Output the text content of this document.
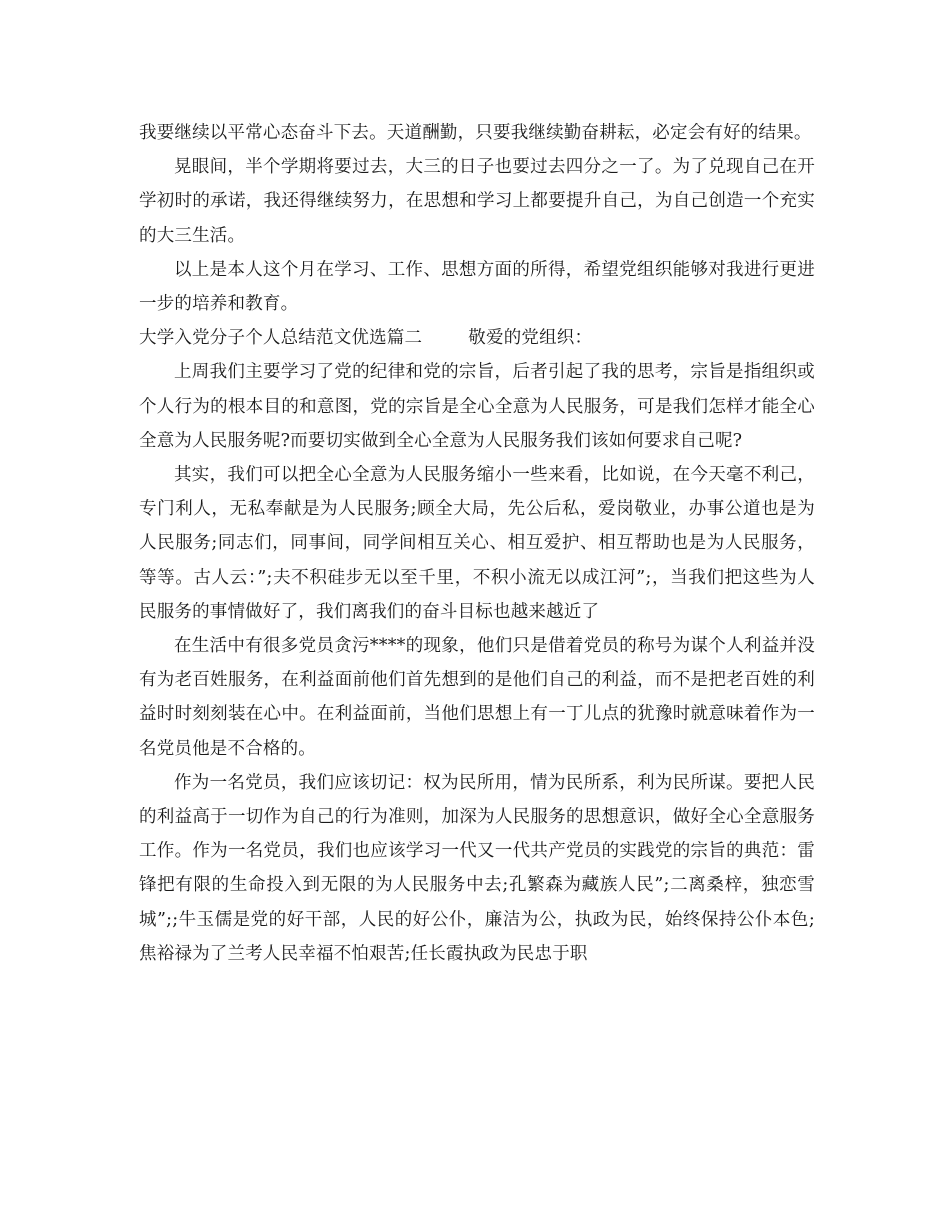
我要继续以平常心态奋斗下去。天道酬勤，只要我继续勤奋耕耘，必定会有好的结果。

晃眼间，半个学期将要过去，大三的日子也要过去四分之一了。为了兑现自己在开学初时的承诺，我还得继续努力，在思想和学习上都要提升自己，为自己创造一个充实的大三生活。

以上是本人这个月在学习、工作、思想方面的所得，希望党组织能够对我进行更进一步的培养和教育。

大学入党分子个人总结范文优选篇二        敬爱的党组织：

上周我们主要学习了党的纪律和党的宗旨，后者引起了我的思考，宗旨是指组织或个人行为的根本目的和意图，党的宗旨是全心全意为人民服务，可是我们怎样才能全心全意为人民服务呢?而要切实做到全心全意为人民服务我们该如何要求自己呢?

其实，我们可以把全心全意为人民服务缩小一些来看，比如说，在今天毫不利己，专门利人，无私奉献是为人民服务;顾全大局，先公后私，爱岗敬业，办事公道也是为人民服务;同志们，同事间，同学间相互关心、相互爱护、相互帮助也是为人民服务，等等。古人云：”;夫不积硅步无以至千里，不积小流无以成江河”;，当我们把这些为人民服务的事情做好了，我们离我们的奋斗目标也越来越近了

在生活中有很多党员贪污****的现象，他们只是借着党员的称号为谋个人利益并没有为老百姓服务，在利益面前他们首先想到的是他们自己的利益，而不是把老百姓的利益时时刻刻装在心中。在利益面前，当他们思想上有一丁儿点的犹豫时就意味着作为一名党员他是不合格的。

作为一名党员，我们应该切记：权为民所用，情为民所系，利为民所谋。要把人民的利益高于一切作为自己的行为准则，加深为人民服务的思想意识，做好全心全意服务工作。作为一名党员，我们也应该学习一代又一代共产党员的实践党的宗旨的典范：雷锋把有限的生命投入到无限的为人民服务中去;孔繁森为藏族人民”;二离桑梓，独恋雪城”;;牛玉儒是党的好干部，人民的好公仆，廉洁为公，执政为民，始终保持公仆本色;焦裕禄为了兰考人民幸福不怕艰苦;任长霞执政为民忠于职
